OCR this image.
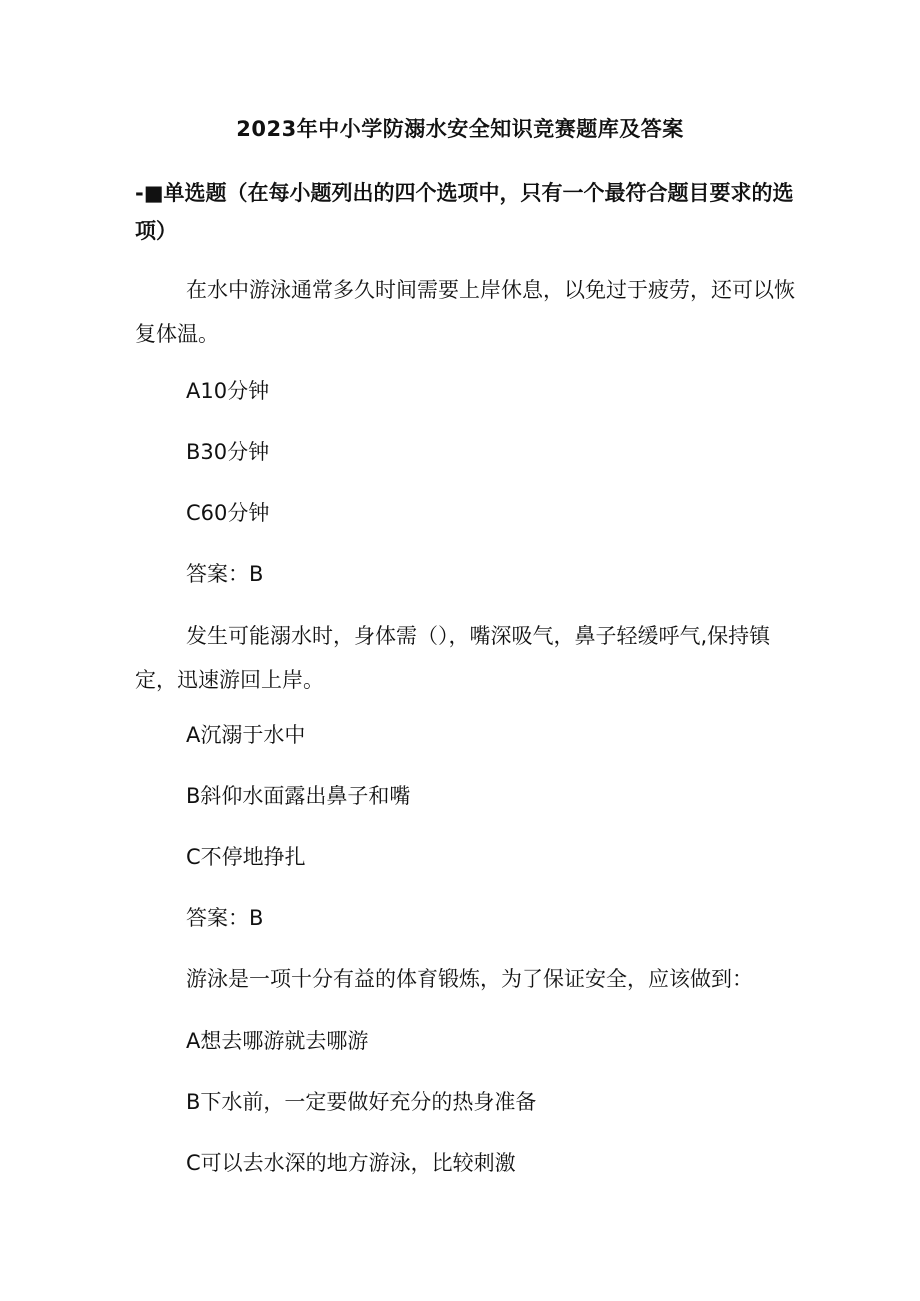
2023年中小学防溺水安全知识竞赛题库及答案
-■单选题（在每小题列出的四个选项中，只有一个最符合题目要求的选项）
在水中游泳通常多久时间需要上岸休息，以免过于疲劳，还可以恢复体温。
A10分钟
B30分钟
C60分钟
答案：B
发生可能溺水时，身体需（），嘴深吸气，鼻子轻缓呼气,保持镇定，迅速游回上岸。
A沉溺于水中
B斜仰水面露出鼻子和嘴
C不停地挣扎
答案：B
游泳是一项十分有益的体育锻炼，为了保证安全，应该做到：
A想去哪游就去哪游
B下水前，一定要做好充分的热身准备
C可以去水深的地方游泳，比较刺激
